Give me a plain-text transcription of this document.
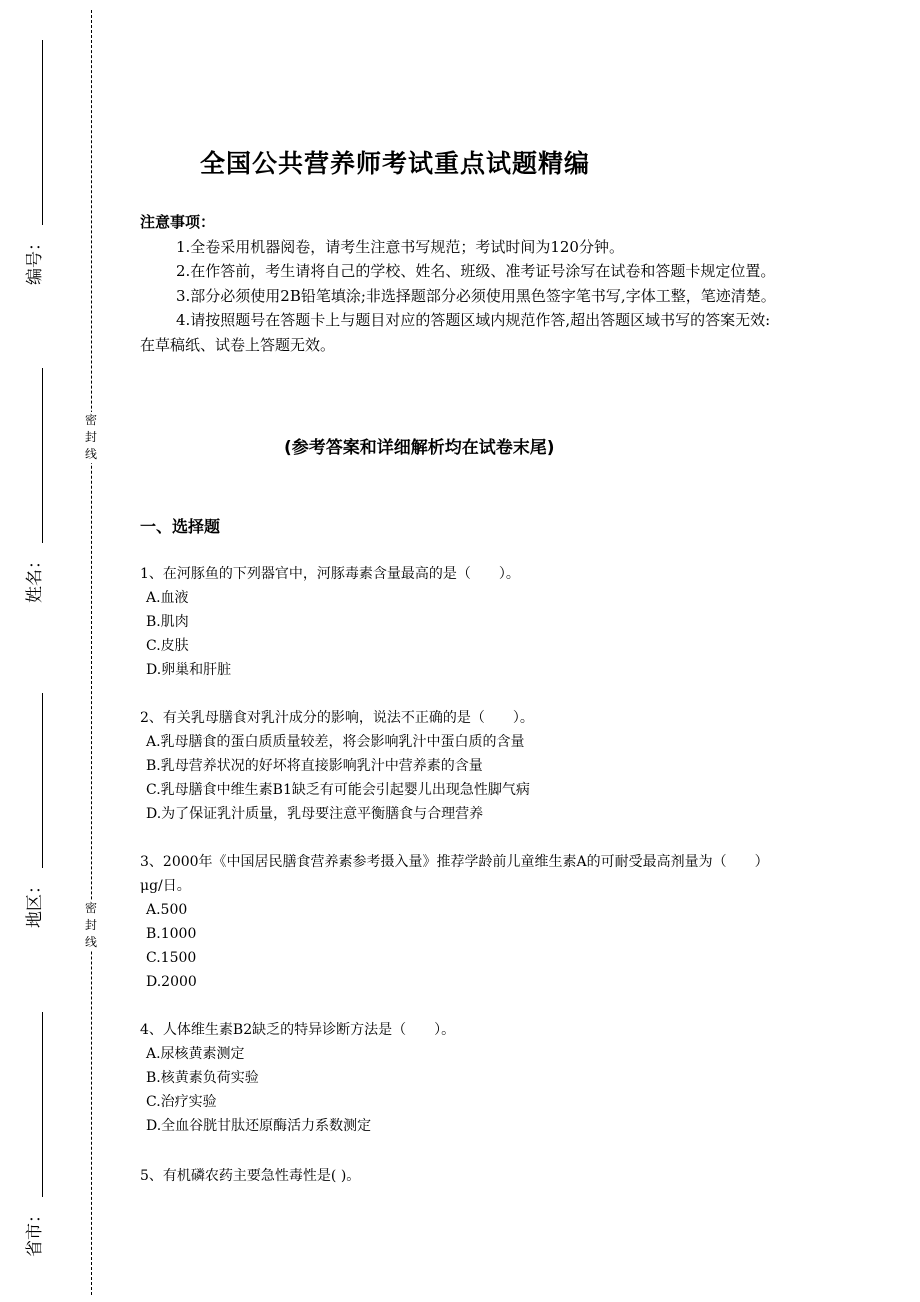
编号：
姓名：
地区：
省市：
密
封
线
密
封
线
全国公共营养师考试重点试题精编
注意事项：

1.全卷采用机器阅卷，请考生注意书写规范；考试时间为120分钟。

2.在作答前，考生请将自己的学校、姓名、班级、准考证号涂写在试卷和答题卡规定位置。

3.部分必须使用2B铅笔填涂;非选择题部分必须使用黑色签字笔书写,字体工整，笔迹清楚。

4.请按照题号在答题卡上与题目对应的答题区域内规范作答,超出答题区域书写的答案无效:在草稿纸、试卷上答题无效。

(参考答案和详细解析均在试卷末尾)
一、选择题
1、在河豚鱼的下列器官中，河豚毒素含量最高的是（　　）。
A.血液
B.肌肉
C.皮肤
D.卵巢和肝脏
2、有关乳母膳食对乳汁成分的影响，说法不正确的是（　　）。
A.乳母膳食的蛋白质质量较差，将会影响乳汁中蛋白质的含量
B.乳母营养状况的好坏将直接影响乳汁中营养素的含量
C.乳母膳食中维生素B1缺乏有可能会引起婴儿出现急性脚气病
D.为了保证乳汁质量，乳母要注意平衡膳食与合理营养
3、2000年《中国居民膳食营养素参考摄入量》推荐学龄前儿童维生素A的可耐受最高剂量为（　　）μg/日。
A.500
B.1000
C.1500
D.2000
4、人体维生素B2缺乏的特异诊断方法是（　　）。
A.尿核黄素测定
B.核黄素负荷实验
C.治疗实验
D.全血谷胱甘肽还原酶活力系数测定
5、有机磷农药主要急性毒性是( )。
